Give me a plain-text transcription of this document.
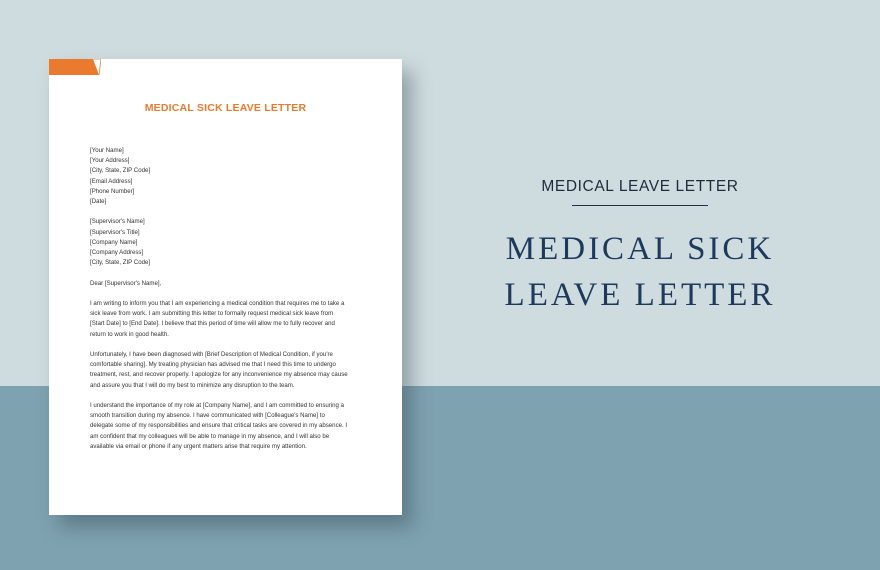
MEDICAL SICK LEAVE LETTER
[Your Name]
[Your Address]
[City, State, ZIP Code]
[Email Address]
[Phone Number]
[Date]
[Supervisor's Name]
[Supervisor's Title]
[Company Name]
[Company Address]
[City, State, ZIP Code]
Dear [Supervisor's Name],
I am writing to inform you that I am experiencing a medical condition that requires me to take a
sick leave from work. I am submitting this letter to formally request medical sick leave from
[Start Date] to [End Date]. I believe that this period of time will allow me to fully recover and
return to work in good health.
Unfortunately, I have been diagnosed with [Brief Description of Medical Condition, if you're
comfortable sharing]. My treating physician has advised me that I need this time to undergo
treatment, rest, and recover properly. I apologize for any inconvenience my absence may cause
and assure you that I will do my best to minimize any disruption to the team.
I understand the importance of my role at [Company Name], and I am committed to ensuring a
smooth transition during my absence. I have communicated with [Colleague's Name] to
delegate some of my responsibilities and ensure that critical tasks are covered in my absence. I
am confident that my colleagues will be able to manage in my absence, and I will also be
available via email or phone if any urgent matters arise that require my attention.
MEDICAL LEAVE LETTER
MEDICAL SICK
LEAVE LETTER
